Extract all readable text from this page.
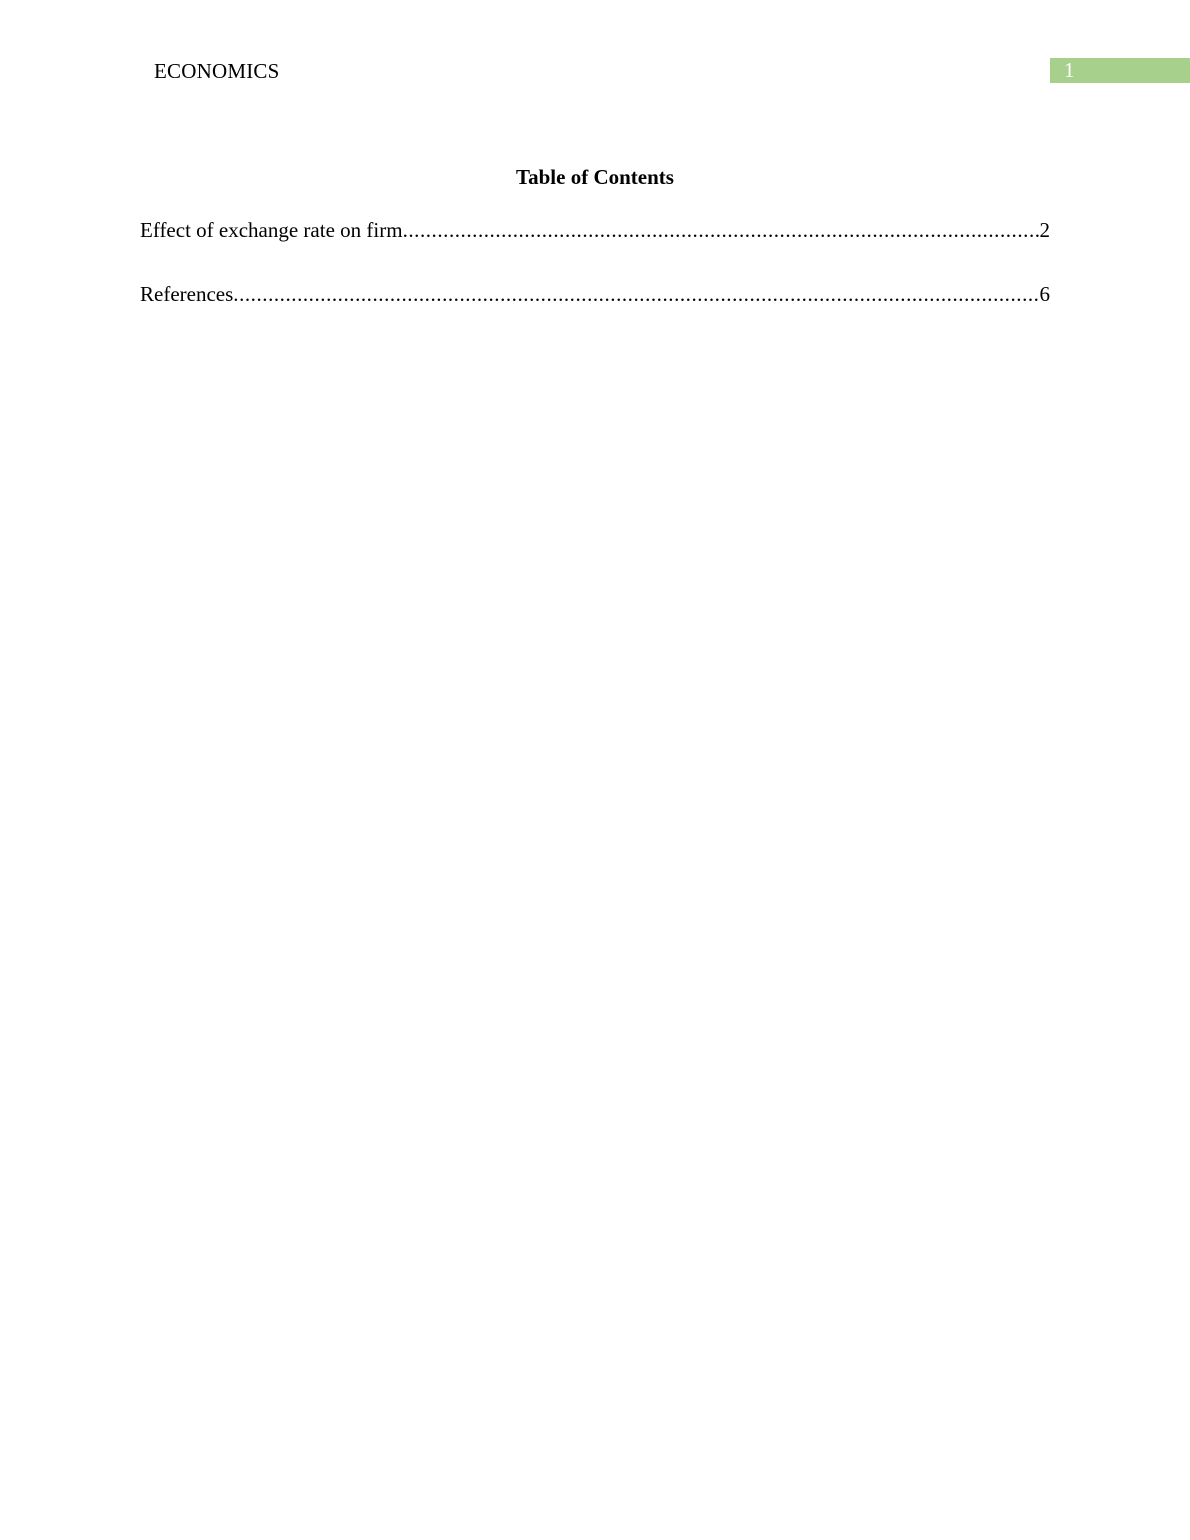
ECONOMICS	1
Table of Contents
Effect of exchange rate on firm .....	2
References .....	6
